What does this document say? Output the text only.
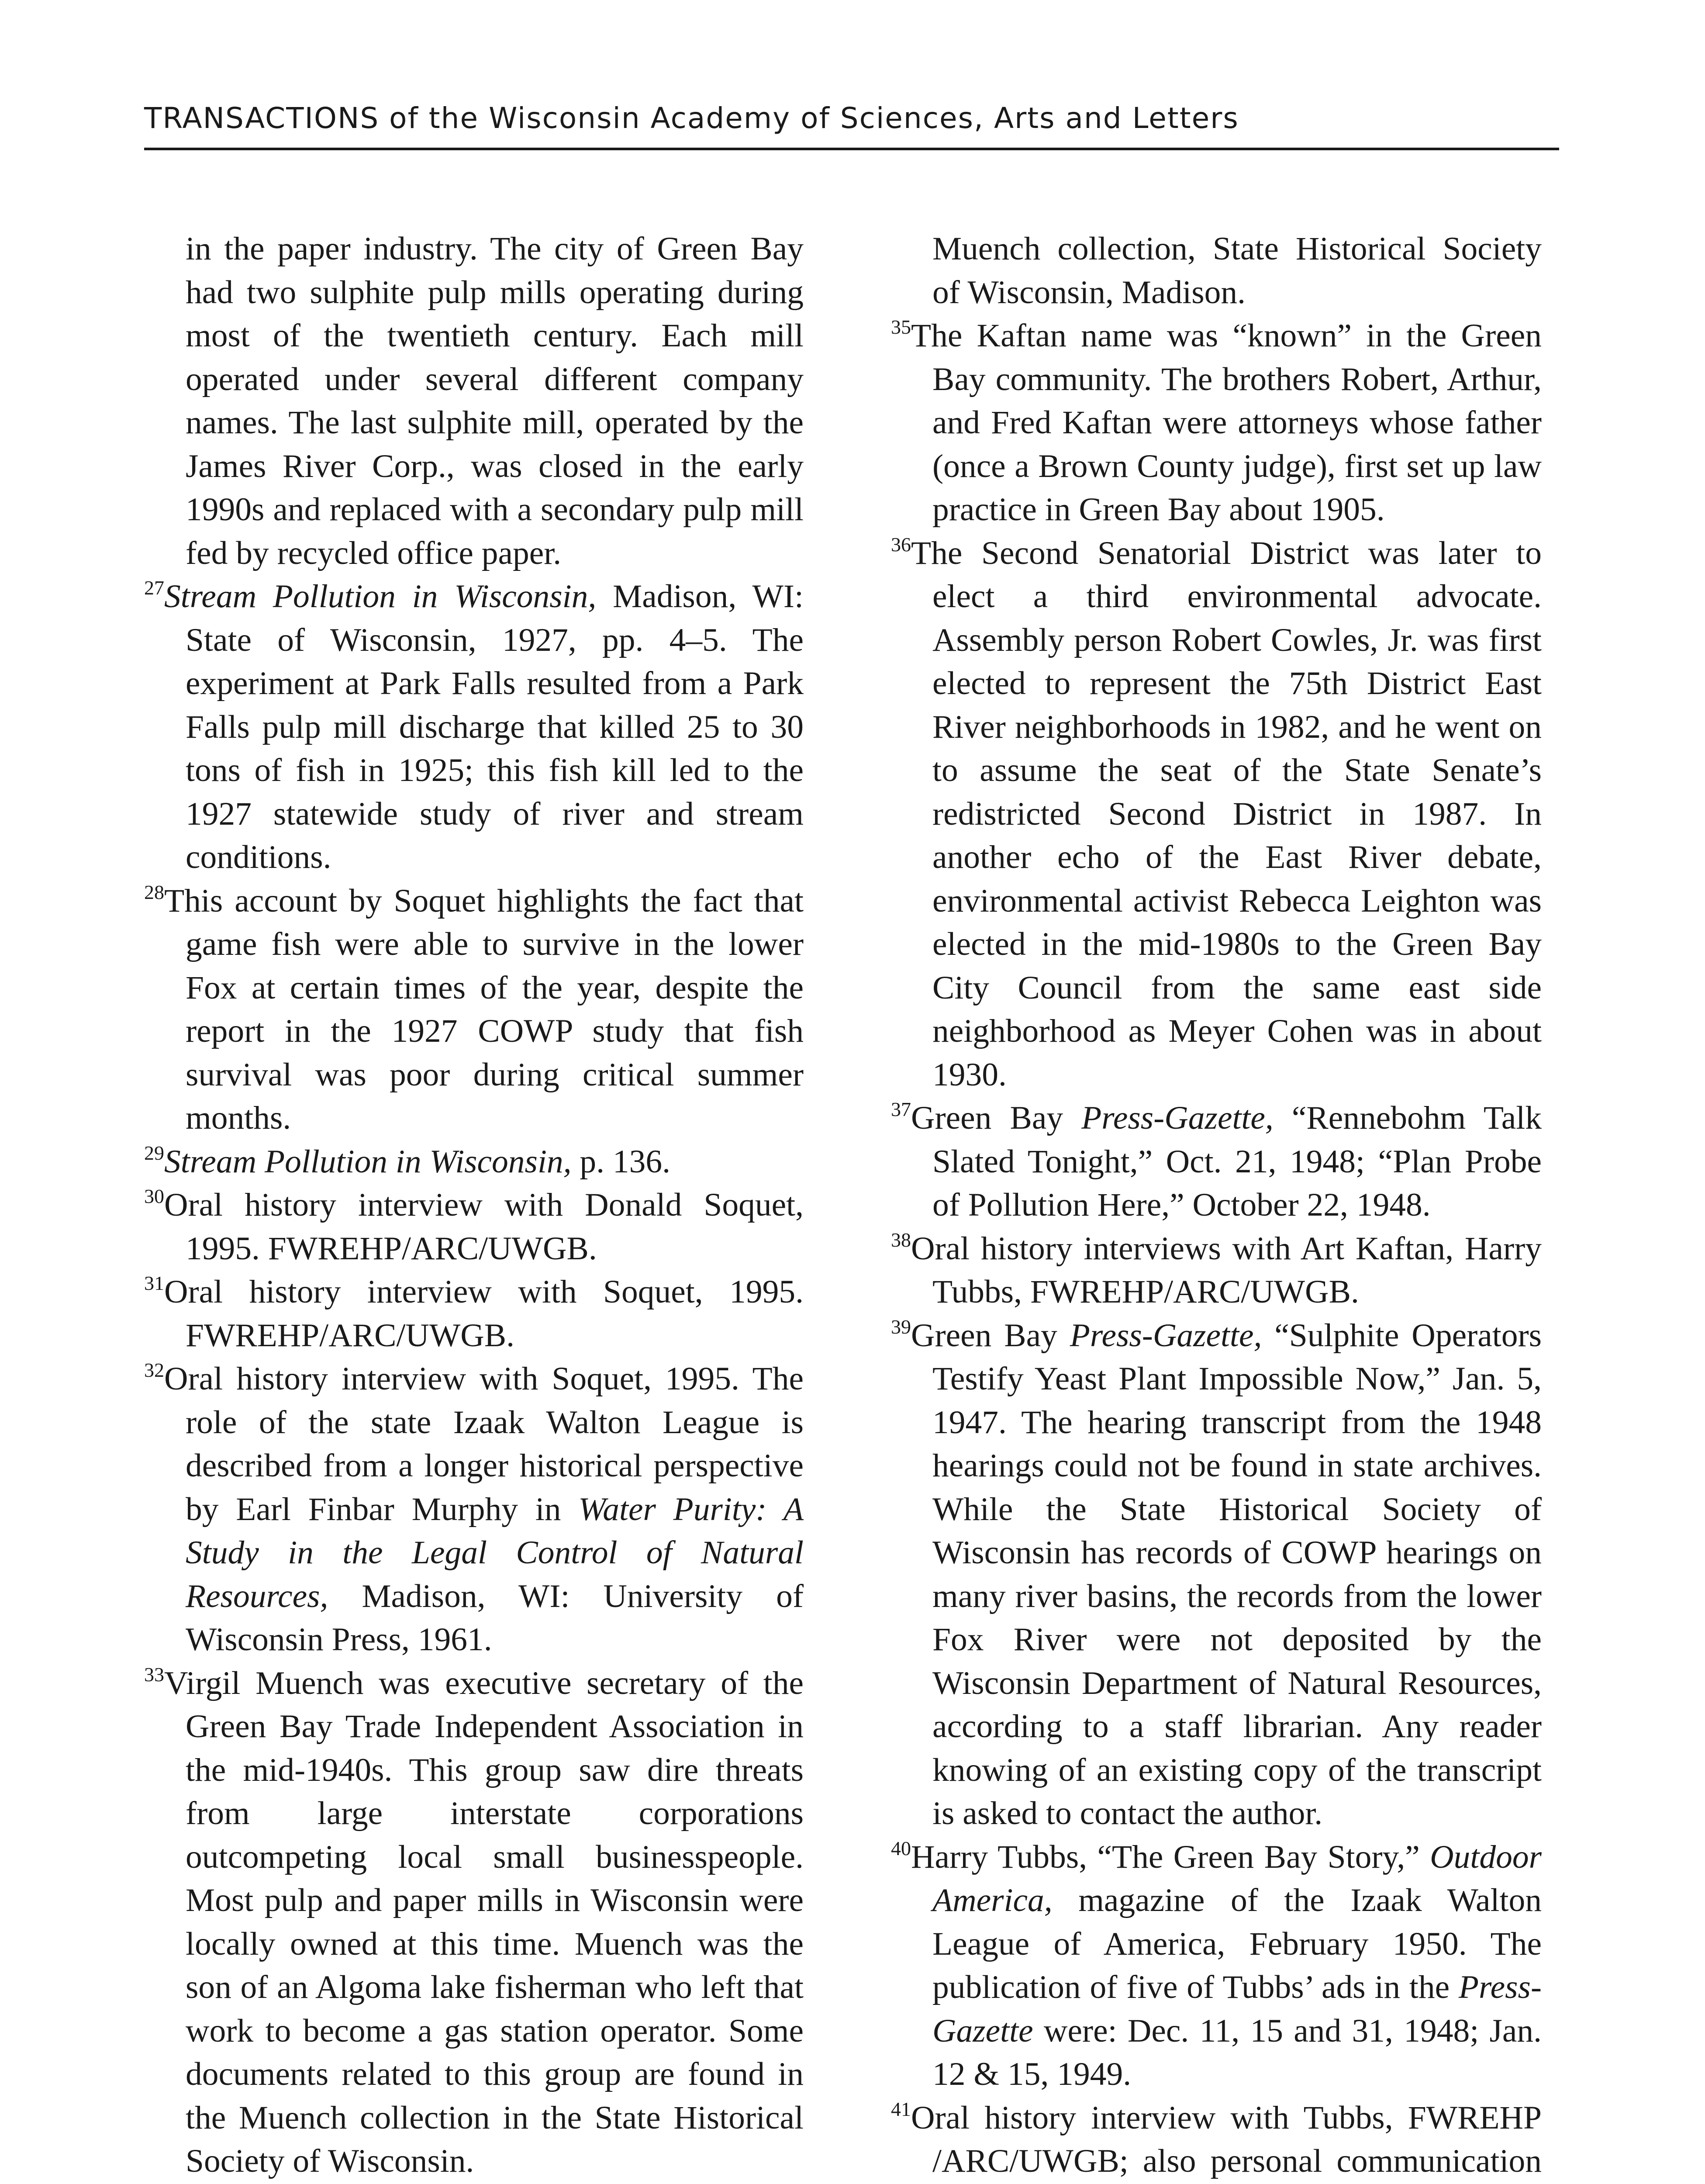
TRANSACTIONS of the Wisconsin Academy of Sciences, Arts and Letters

in the paper industry. The city of Green Bay had two sulphite pulp mills operating during most of the twentieth century. Each mill operated under several different company names. The last sulphite mill, operated by the James River Corp., was closed in the early 1990s and replaced with a secondary pulp mill fed by recycled office paper.

$^{27}$Stream Pollution in Wisconsin, Madison, WI: State of Wisconsin, 1927, pp. 4–5. The experiment at Park Falls resulted from a Park Falls pulp mill discharge that killed 25 to 30 tons of fish in 1925; this fish kill led to the 1927 statewide study of river and stream conditions.

$^{28}$This account by Soquet highlights the fact that game fish were able to survive in the lower Fox at certain times of the year, despite the report in the 1927 COWP study that fish survival was poor during critical summer months.

$^{29}$Stream Pollution in Wisconsin, p. 136.

$^{30}$Oral history interview with Donald Soquet, 1995. FWREHP/ARC/UWGB.

$^{31}$Oral history interview with Soquet, 1995. FWREHP/ARC/UWGB.

$^{32}$Oral history interview with Soquet, 1995. The role of the state Izaak Walton League is described from a longer historical perspective by Earl Finbar Murphy in Water Purity: A Study in the Legal Control of Natural Resources, Madison, WI: University of Wisconsin Press, 1961.

$^{33}$Virgil Muench was executive secretary of the Green Bay Trade Independent Association in the mid-1940s. This group saw dire threats from large interstate corporations outcompeting local small businesspeople. Most pulp and paper mills in Wisconsin were locally owned at this time. Muench was the son of an Algoma lake fisherman who left that work to become a gas station operator. Some documents related to this group are found in the Muench collection in the State Historical Society of Wisconsin.

Muench collection, State Historical Society of Wisconsin, Madison.

$^{35}$The Kaftan name was “known” in the Green Bay community. The brothers Robert, Arthur, and Fred Kaftan were attorneys whose father (once a Brown County judge), first set up law practice in Green Bay about 1905.

$^{36}$The Second Senatorial District was later to elect a third environmental advocate. Assembly person Robert Cowles, Jr. was first elected to represent the 75th District East River neighborhoods in 1982, and he went on to assume the seat of the State Senate’s redistricted Second District in 1987. In another echo of the East River debate, environmental activist Rebecca Leighton was elected in the mid-1980s to the Green Bay City Council from the same east side neighborhood as Meyer Cohen was in about 1930.

$^{37}$Green Bay Press-Gazette, “Rennebohm Talk Slated Tonight,” Oct. 21, 1948; “Plan Probe of Pollution Here,” October 22, 1948.

$^{38}$Oral history interviews with Art Kaftan, Harry Tubbs, FWREHP/ARC/UWGB.

$^{39}$Green Bay Press-Gazette, “Sulphite Operators Testify Yeast Plant Impossible Now,” Jan. 5, 1947. The hearing transcript from the 1948 hearings could not be found in state archives. While the State Historical Society of Wisconsin has records of COWP hearings on many river basins, the records from the lower Fox River were not deposited by the Wisconsin Department of Natural Resources, according to a staff librarian. Any reader knowing of an existing copy of the transcript is asked to contact the author.

$^{40}$Harry Tubbs, “The Green Bay Story,” Outdoor America, magazine of the Izaak Walton League of America, February 1950. The publication of five of Tubbs’ ads in the Press-Gazette were: Dec. 11, 15 and 31, 1948; Jan. 12 & 15, 1949.

$^{41}$Oral history interview with Tubbs, FWREHP /ARC/UWGB; also personal communication
